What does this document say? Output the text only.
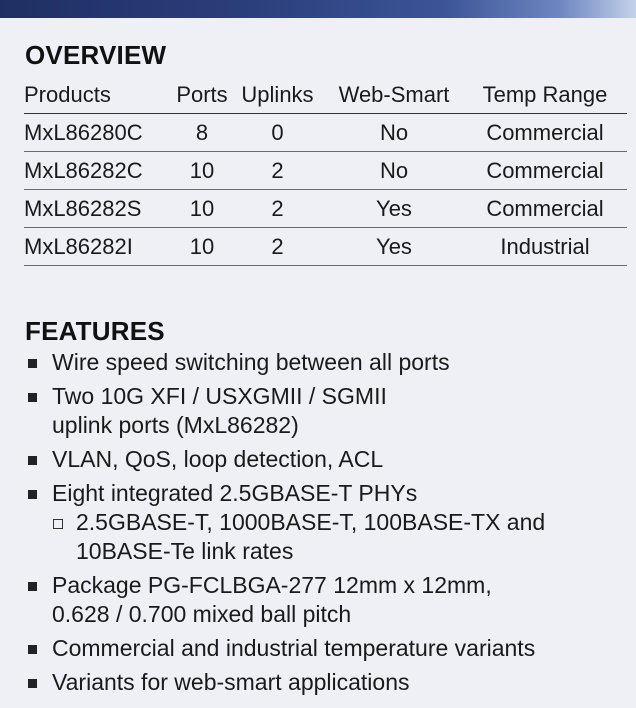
OVERVIEW
Products	Ports	Uplinks	Web-Smart	Temp Range
MxL86280C	8	0	No	Commercial
MxL86282C	10	2	No	Commercial
MxL86282S	10	2	Yes	Commercial
MxL86282I	10	2	Yes	Industrial
FEATURES
Wire speed switching between all ports
Two 10G XFI / USXGMII / SGMII
uplink ports (MxL86282)
VLAN, QoS, loop detection, ACL
Eight integrated 2.5GBASE-T PHYs
2.5GBASE-T, 1000BASE-T, 100BASE-TX and
10BASE-Te link rates
Package PG-FCLBGA-277 12mm x 12mm,
0.628 / 0.700 mixed ball pitch
Commercial and industrial temperature variants
Variants for web-smart applications
